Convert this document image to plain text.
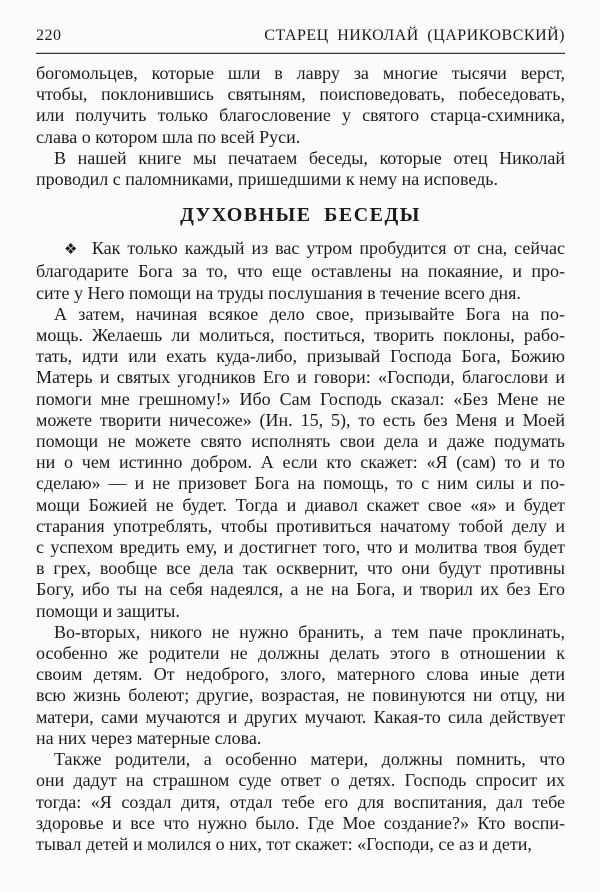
220	СТАРЕЦ НИКОЛАЙ (ЦАРИКОВСКИЙ)
богомольцев, которые шли в лавру за многие тысячи верст,
чтобы, поклонившись святыням, поисповедовать, побеседовать,
или получить только благословение у святого старца-схимника,
слава о котором шла по всей Руси.
В нашей книге мы печатаем беседы, которые отец Николай
проводил с паломниками, пришедшими к нему на исповедь.
ДУХОВНЫЕ БЕСЕДЫ
❖ Как только каждый из вас утром пробудится от сна, сейчас
благодарите Бога за то, что еще оставлены на покаяние, и про-
сите у Него помощи на труды послушания в течение всего дня.
А затем, начиная всякое дело свое, призывайте Бога на по-
мощь. Желаешь ли молиться, поститься, творить поклоны, рабо-
тать, идти или ехать куда-либо, призывай Господа Бога, Божию
Матерь и святых угодников Его и говори: «Господи, благослови и
помоги мне грешному!» Ибо Сам Господь сказал: «Без Мене не
можете творити ничесоже» (Ин. 15, 5), то есть без Меня и Моей
помощи не можете свято исполнять свои дела и даже подумать
ни о чем истинно добром. А если кто скажет: «Я (сам) то и то
сделаю» — и не призовет Бога на помощь, то с ним силы и по-
мощи Божией не будет. Тогда и диавол скажет свое «я» и будет
старания употреблять, чтобы противиться начатому тобой делу и
с успехом вредить ему, и достигнет того, что и молитва твоя будет
в грех, вообще все дела так осквернит, что они будут противны
Богу, ибо ты на себя надеялся, а не на Бога, и творил их без Его
помощи и защиты.
Во-вторых, никого не нужно бранить, а тем паче проклинать,
особенно же родители не должны делать этого в отношении к
своим детям. От недоброго, злого, матерного слова иные дети
всю жизнь болеют; другие, возрастая, не повинуются ни отцу, ни
матери, сами мучаются и других мучают. Какая-то сила действует
на них через матерные слова.
Также родители, а особенно матери, должны помнить, что
они дадут на страшном суде ответ о детях. Господь спросит их
тогда: «Я создал дитя, отдал тебе его для воспитания, дал тебе
здоровье и все что нужно было. Где Мое создание?» Кто воспи-
тывал детей и молился о них, тот скажет: «Господи, се аз и дети,
